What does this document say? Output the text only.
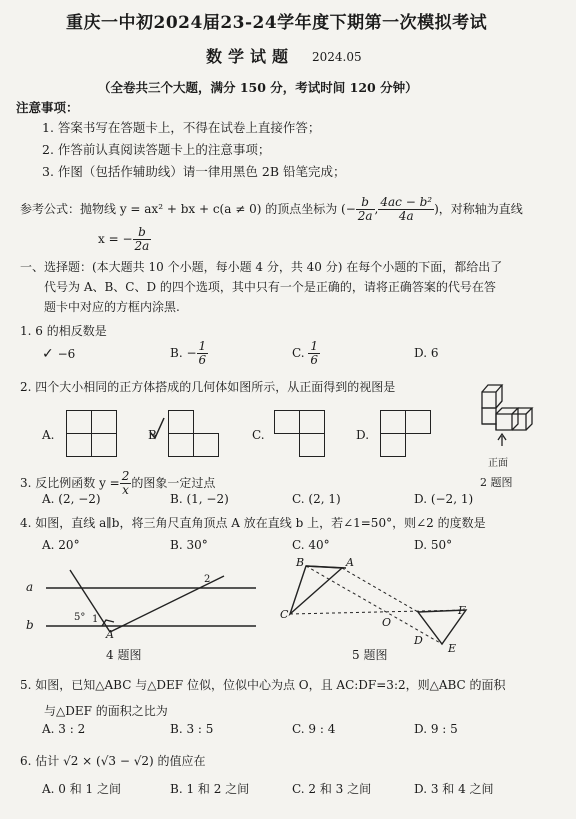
重庆一中初2024届23-24学年度下期第一次模拟考试
数学试题 2024.05
（全卷共三个大题，满分 150 分，考试时间 120 分钟）
注意事项：
1. 答案书写在答题卡上，不得在试卷上直接作答；
2. 作答前认真阅读答题卡上的注意事项；
3. 作图（包括作辅助线）请一律用黑色 2B 铅笔完成；
参考公式：抛物线 y = ax² + bx + c(a ≠ 0) 的顶点坐标为 (− $\frac{b}{2a}$ , $\frac{\text{4ac − b²}}{4a}$ )，对称轴为直线
x = − $\frac{b}{2a}$
一、选择题：(本大题共 10 个小题，每小题 4 分，共 40 分) 在每个小题的下面，都给出了
代号为 A、B、C、D 的四个选项，其中只有一个是正确的，请将正确答案的代号在答
题卡中对应的方框内涂黑.
1. 6 的相反数是
✓ −6	B. − $\frac{1}{6}$	C. $\frac{1}{6}$	D. 6
2. 四个大小相同的正方体搭成的几何体如图所示，从正面得到的视图是
A.	B	C.	D.
正面
2 题图
3. 反比例函数 $y = \frac{2}{x}$ 的图象一定过点
A. (2, −2)	B. (1, −2)	C. (2, 1)	D. (−2, 1)
4. 如图，直线 a∥b，将三角尺直角顶点 A 放在直线 b 上，若∠1=50°，则∠2 的度数是
A. 20°	B. 30°	C. 40°	D. 50°
a
b
5° 1
2
A
4 题图
B	A
C
O
F
D
E
5 题图
5. 如图，已知△ABC 与△DEF 位似，位似中心为点 O，且 AC:DF=3:2，则△ABC 的面积
与△DEF 的面积之比为
A. 3 : 2	B. 3 : 5	C. 9 : 4	D. 9 : 5
6. 估计 √2 × (√3 − √2) 的值应在
A. 0 和 1 之间	B. 1 和 2 之间	C. 2 和 3 之间	D. 3 和 4 之间
